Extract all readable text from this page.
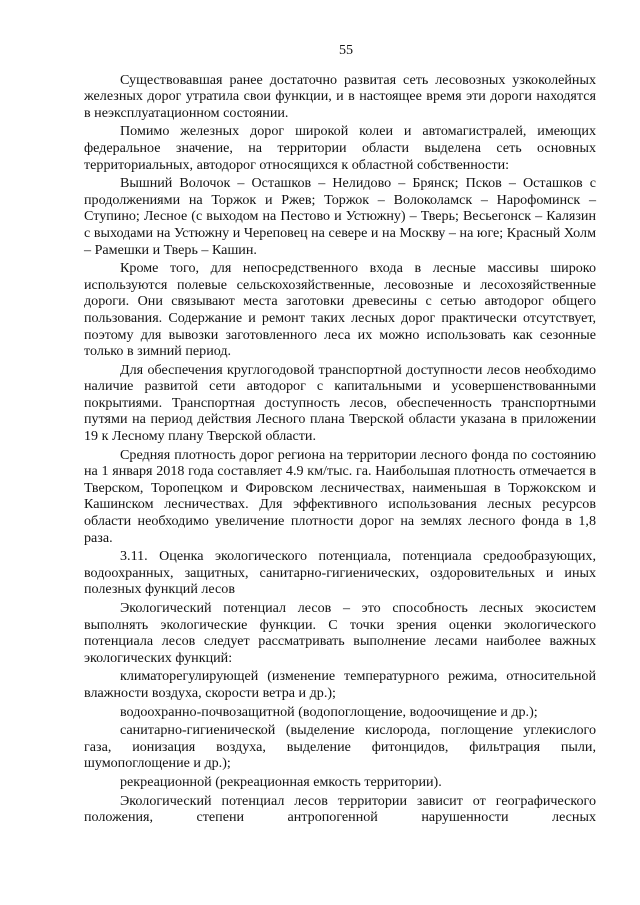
55

Существовавшая ранее достаточно развитая сеть лесовозных узкоколейных железных дорог утратила свои функции, и в настоящее время эти дороги находятся в неэксплуатационном состоянии.

Помимо железных дорог широкой колеи и автомагистралей, имеющих федеральное значение, на территории области выделена сеть основных территориальных, автодорог относящихся к областной собственности:

Вышний Волочок – Осташков – Нелидово – Брянск; Псков – Осташков с продолжениями на Торжок и Ржев; Торжок – Волоколамск – Нарофоминск – Ступино; Лесное (с выходом на Пестово и Устюжну) – Тверь; Весьегонск – Калязин с выходами на Устюжну и Череповец на севере и на Москву – на юге; Красный Холм – Рамешки и Тверь – Кашин.

Кроме того, для непосредственного входа в лесные массивы широко используются полевые сельскохозяйственные, лесовозные и лесохозяйственные дороги. Они связывают места заготовки древесины с сетью автодорог общего пользования. Содержание и ремонт таких лесных дорог практически отсутствует, поэтому для вывозки заготовленного леса их можно использовать как сезонные только в зимний период.

Для обеспечения круглогодовой транспортной доступности лесов необходимо наличие развитой сети автодорог с капитальными и усовершенствованными покрытиями. Транспортная доступность лесов, обеспеченность транспортными путями на период действия Лесного плана Тверской области указана в приложении 19 к Лесному плану Тверской области.

Средняя плотность дорог региона на территории лесного фонда по состоянию на 1 января 2018 года составляет 4.9 км/тыс. га. Наибольшая плотность отмечается в Тверском, Торопецком и Фировском лесничествах, наименьшая в Торжокском и Кашинском лесничествах. Для эффективного использования лесных ресурсов области необходимо увеличение плотности дорог на землях лесного фонда в 1,8 раза.

3.11. Оценка экологического потенциала, потенциала средообразующих, водоохранных, защитных, санитарно-гигиенических, оздоровительных и иных полезных функций лесов

Экологический потенциал лесов – это способность лесных экосистем выполнять экологические функции. С точки зрения оценки экологического потенциала лесов следует рассматривать выполнение лесами наиболее важных экологических функций:

климаторегулирующей (изменение температурного режима, относительной влажности воздуха, скорости ветра и др.);

водоохранно-почвозащитной (водопоглощение, водоочищение и др.);

санитарно-гигиенической (выделение кислорода, поглощение углекислого газа, ионизация воздуха, выделение фитонцидов, фильтрация пыли, шумопоглощение и др.);

рекреационной (рекреационная емкость территории).

Экологический потенциал лесов территории зависит от географического положения, степени антропогенной нарушенности лесных
